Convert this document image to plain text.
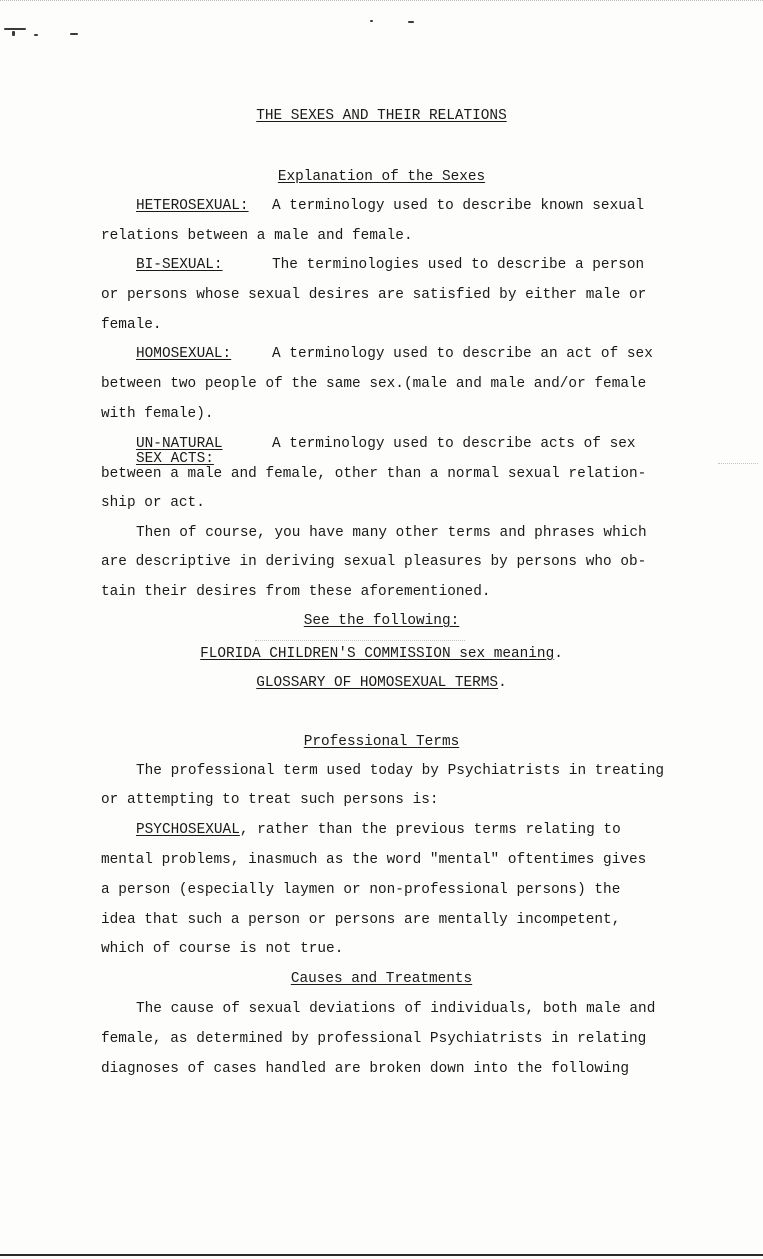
THE SEXES AND THEIR RELATIONS
Explanation of the Sexes
HETEROSEXUAL: A terminology used to describe known sexual
relations between a male and female.
BI-SEXUAL:	The terminologies used to describe a person
or persons whose sexual desires are satisfied by either male or
female.
HOMOSEXUAL:	A terminology used to describe an act of sex
between two people of the same sex.(male and male and/or female
with female).
UN-NATURAL
SEX ACTS:
A terminology used to describe acts of sex
between a male and female, other than a normal sexual relation-
ship or act.
Then of course, you have many other terms and phrases which
are descriptive in deriving sexual pleasures by persons who ob-
tain their desires from these aforementioned.
See the following:
FLORIDA CHILDREN'S COMMISSION sex meaning.
GLOSSARY OF HOMOSEXUAL TERMS.
Professional Terms
The professional term used today by Psychiatrists in treating
or attempting to treat such persons is:
PSYCHOSEXUAL, rather than the previous terms relating to
mental problems, inasmuch as the word "mental" oftentimes gives
a person (especially laymen or non-professional persons) the
idea that such a person or persons are mentally incompetent,
which of course is not true.
Causes and Treatments
The cause of sexual deviations of individuals, both male and
female, as determined by professional Psychiatrists in relating
diagnoses of cases handled are broken down into the following
